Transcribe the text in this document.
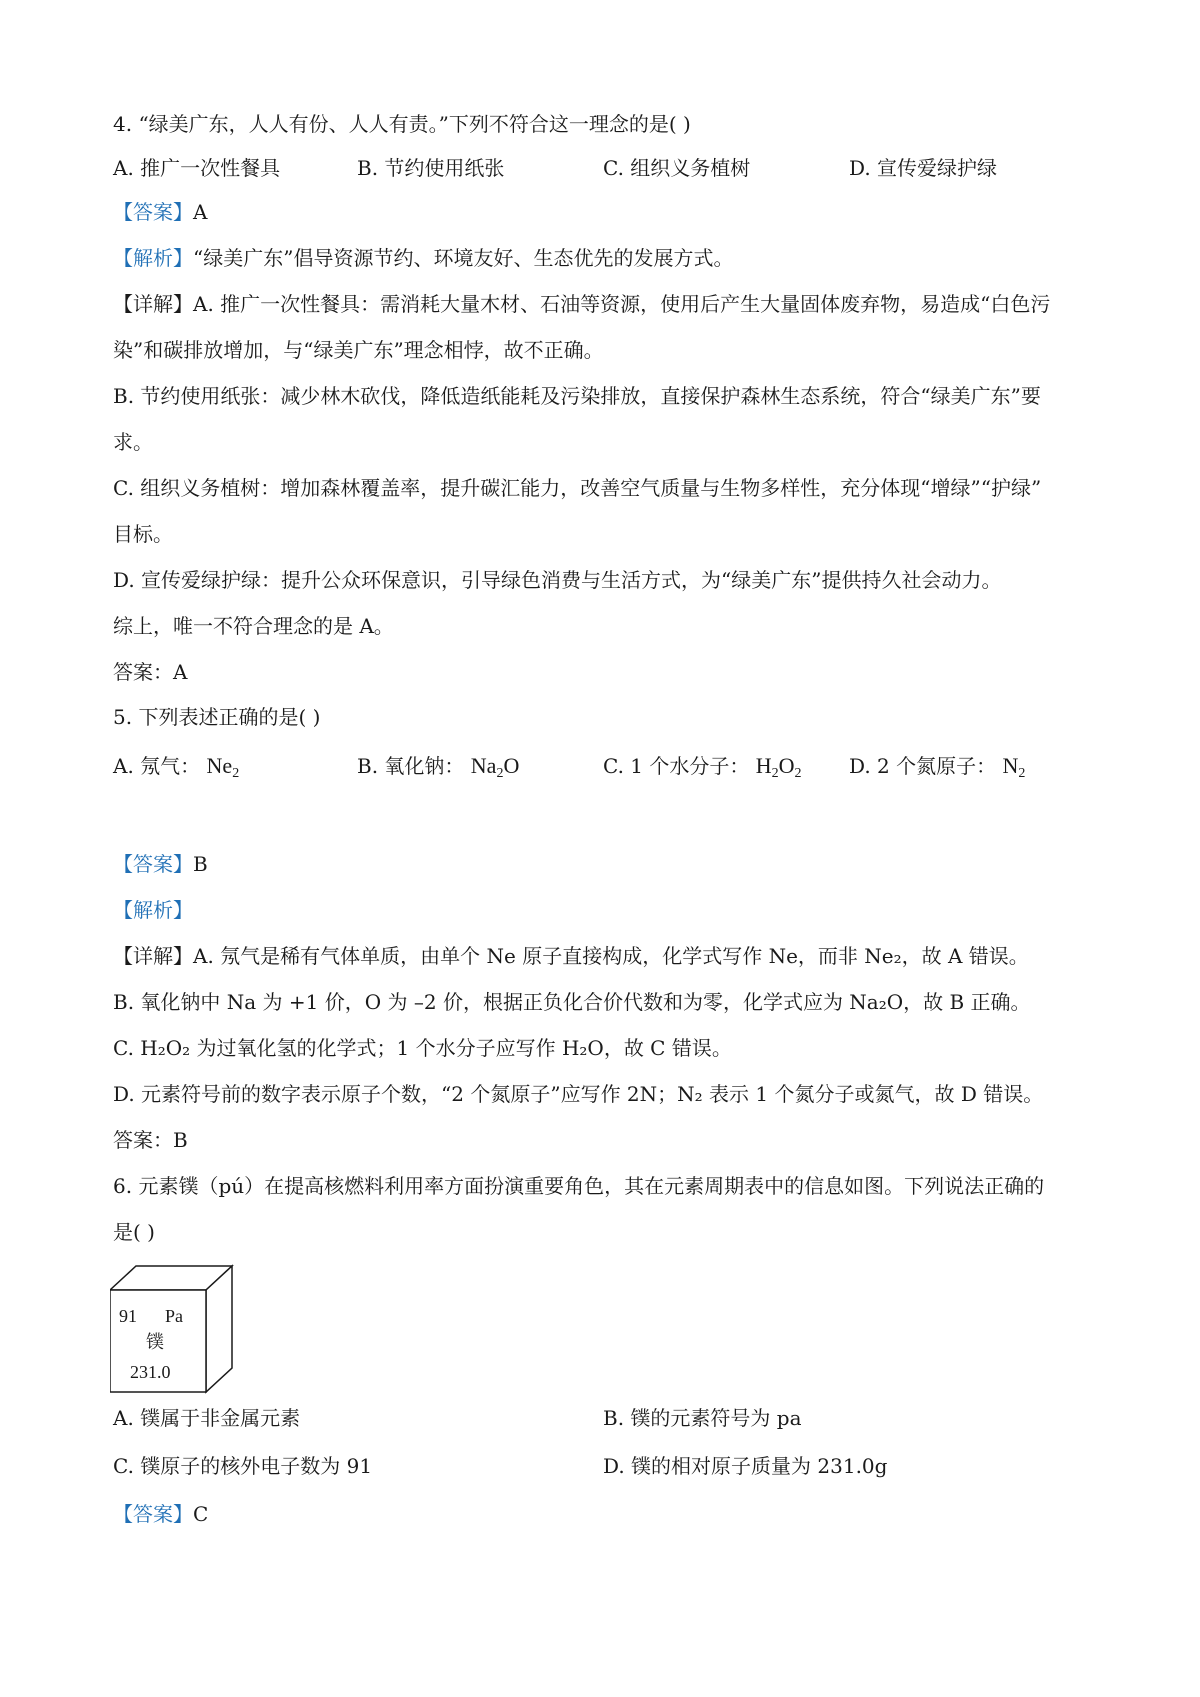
4. “绿美广东，人人有份、人人有责。”下列不符合这一理念的是( )
A. 推广一次性餐具	B. 节约使用纸张	C. 组织义务植树	D. 宣传爱绿护绿
【答案】A
【解析】“绿美广东”倡导资源节约、环境友好、生态优先的发展方式。
【详解】A. 推广一次性餐具：需消耗大量木材、石油等资源，使用后产生大量固体废弃物，易造成“白色污
染”和碳排放增加，与“绿美广东”理念相悖，故不正确。
B. 节约使用纸张：减少林木砍伐，降低造纸能耗及污染排放，直接保护森林生态系统，符合“绿美广东”要
求。
C. 组织义务植树：增加森林覆盖率，提升碳汇能力，改善空气质量与生物多样性，充分体现“增绿”“护绿”
目标。
D. 宣传爱绿护绿：提升公众环保意识，引导绿色消费与生活方式，为“绿美广东”提供持久社会动力。
综上，唯一不符合理念的是 A。
答案：A
5. 下列表述正确的是( )
A. 氖气： $Ne_2$	B. 氧化钠： $Na_2O$	C. 1 个水分子： $H_2O_2$ D. 2 个氮原子： $N_2$
【答案】B
【解析】
【详解】A. 氖气是稀有气体单质，由单个 Ne 原子直接构成，化学式写作 Ne，而非 Ne₂，故 A 错误。
B. 氧化钠中 Na 为 +1 价，O 为 –2 价，根据正负化合价代数和为零，化学式应为 Na₂O，故 B 正确。
C. H₂O₂ 为过氧化氢的化学式；1 个水分子应写作 H₂O，故 C 错误。
D. 元素符号前的数字表示原子个数，“2 个氮原子”应写作 2N；N₂ 表示 1 个氮分子或氮气，故 D 错误。
答案：B
6. 元素镤（pú）在提高核燃料利用率方面扮演重要角色，其在元素周期表中的信息如图。下列说法正确的
是( )
91 Pa
镤
231.0
A. 镤属于非金属元素	B. 镤的元素符号为 pa
C. 镤原子的核外电子数为 91	D. 镤的相对原子质量为 231.0g
【答案】C
